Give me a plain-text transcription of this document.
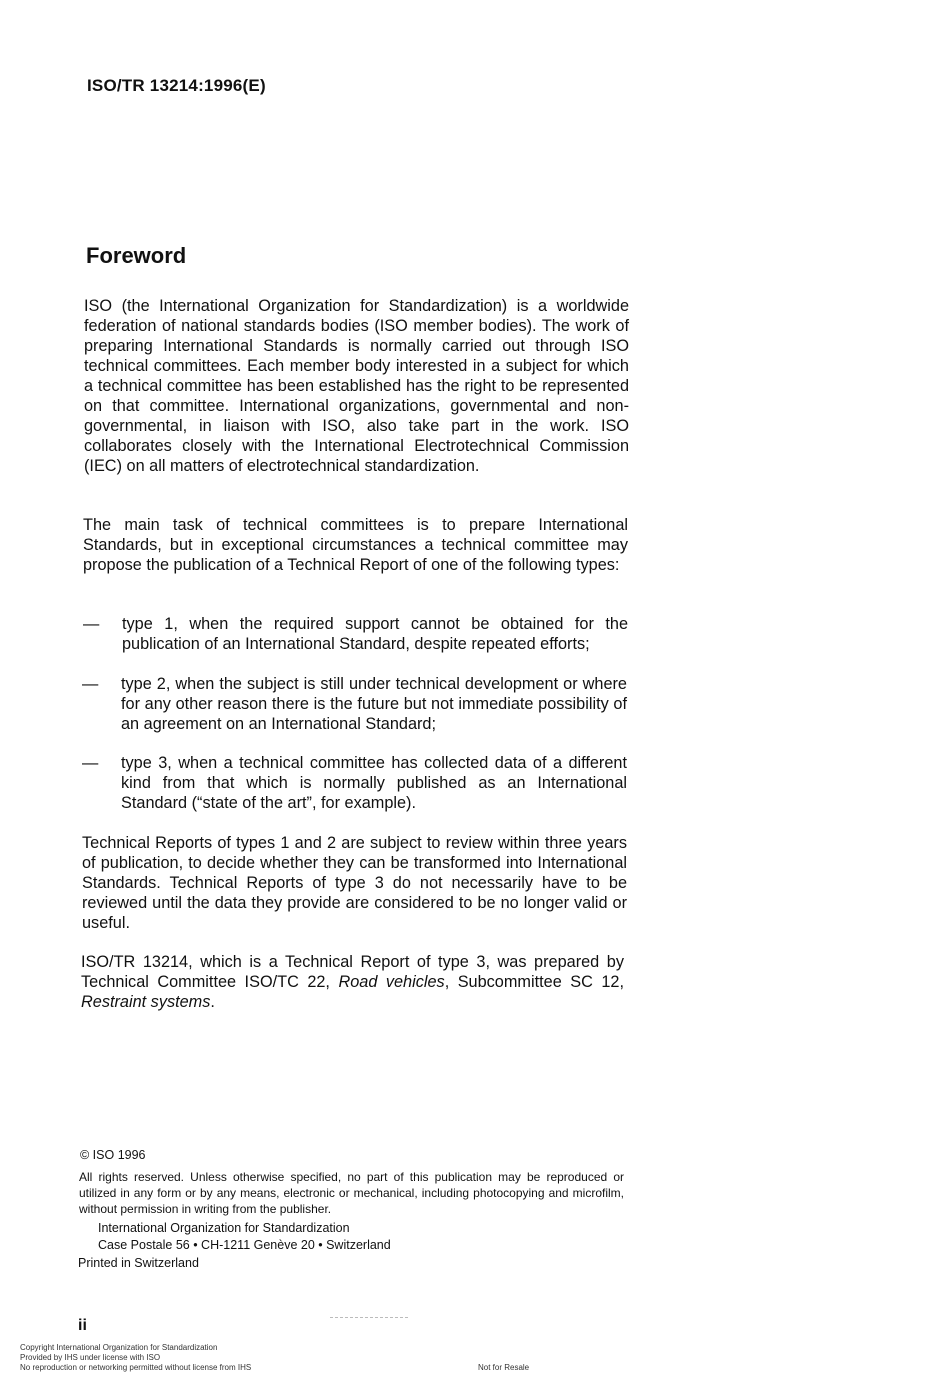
ISO/TR 13214:1996(E)
Foreword

ISO (the International Organization for Standardization) is a worldwide federation of national standards bodies (ISO member bodies). The work of preparing International Standards is normally carried out through ISO technical committees. Each member body interested in a subject for which a technical committee has been established has the right to be represented on that committee. International organizations, governmental and non-governmental, in liaison with ISO, also take part in the work. ISO collaborates closely with the International Electrotechnical Commission (IEC) on all matters of electrotechnical standardization.

The main task of technical committees is to prepare International Standards, but in exceptional circumstances a technical committee may propose the publication of a Technical Report of one of the following types:

— type 1, when the required support cannot be obtained for the publication of an International Standard, despite repeated efforts;
— type 2, when the subject is still under technical development or where for any other reason there is the future but not immediate possibility of an agreement on an International Standard;
— type 3, when a technical committee has collected data of a different kind from that which is normally published as an International Standard (“state of the art”, for example).

Technical Reports of types 1 and 2 are subject to review within three years of publication, to decide whether they can be transformed into International Standards. Technical Reports of type 3 do not necessarily have to be reviewed until the data they provide are considered to be no longer valid or useful.

ISO/TR 13214, which is a Technical Report of type 3, was prepared by Technical Committee ISO/TC 22, Road vehicles, Subcommittee SC 12, Restraint systems.

© ISO 1996

All rights reserved. Unless otherwise specified, no part of this publication may be reproduced or utilized in any form or by any means, electronic or mechanical, including photocopying and microfilm, without permission in writing from the publisher.

International Organization for Standardization
Case Postale 56 • CH-1211 Genève 20 • Switzerland
Printed in Switzerland
ii
Copyright International Organization for Standardization
Provided by IHS under license with ISO
No reproduction or networking permitted without license from IHS	Not for Resale
